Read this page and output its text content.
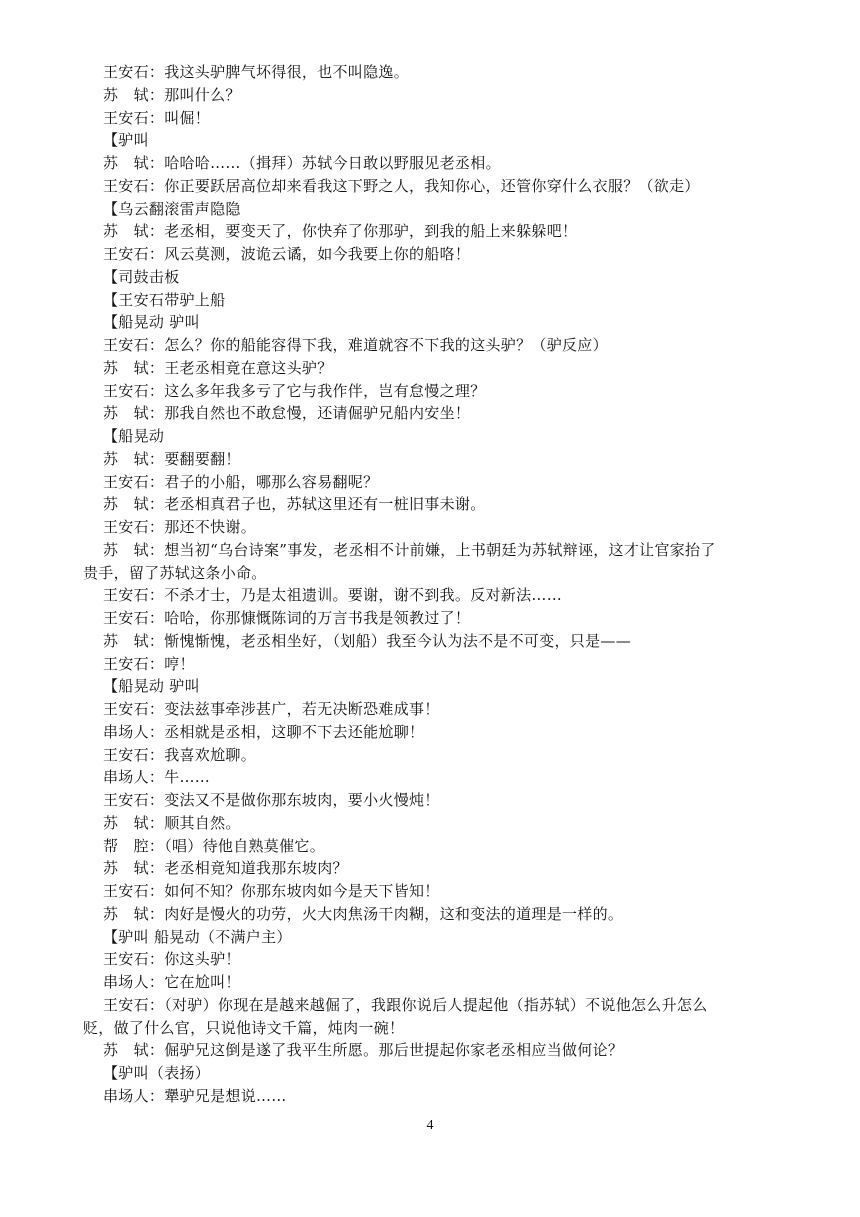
王安石：我这头驴脾气坏得很，也不叫隐逸。
苏　轼：那叫什么？
王安石：叫倔！
【驴叫
苏　轼：哈哈哈……（揖拜）苏轼今日敢以野服见老丞相。
王安石：你正要跃居高位却来看我这下野之人，我知你心，还管你穿什么衣服？（欲走）
【乌云翻滚雷声隐隐
苏　轼：老丞相，要变天了，你快弃了你那驴，到我的船上来躲躲吧！
王安石：风云莫测，波诡云谲，如今我要上你的船咯！
【司鼓击板
【王安石带驴上船
【船晃动 驴叫
王安石：怎么？你的船能容得下我，难道就容不下我的这头驴？（驴反应）
苏　轼：王老丞相竟在意这头驴？
王安石：这么多年我多亏了它与我作伴，岂有怠慢之理？
苏　轼：那我自然也不敢怠慢，还请倔驴兄船内安坐！
【船晃动
苏　轼：要翻要翻！
王安石：君子的小船，哪那么容易翻呢？
苏　轼：老丞相真君子也，苏轼这里还有一桩旧事未谢。
王安石：那还不快谢。
苏　轼：想当初“乌台诗案”事发，老丞相不计前嫌，上书朝廷为苏轼辩诬，这才让官家抬了
贵手，留了苏轼这条小命。
王安石：不杀才士，乃是太祖遗训。要谢，谢不到我。反对新法……
王安石：哈哈，你那慷慨陈词的万言书我是领教过了！
苏　轼：惭愧惭愧，老丞相坐好，（划船）我至今认为法不是不可变，只是——
王安石：哼！
【船晃动 驴叫
王安石：变法兹事牵涉甚广，若无决断恐难成事！
串场人：丞相就是丞相，这聊不下去还能尬聊！
王安石：我喜欢尬聊。
串场人：牛……
王安石：变法又不是做你那东坡肉，要小火慢炖！
苏　轼：顺其自然。
帮　腔：（唱）待他自熟莫催它。
苏　轼：老丞相竟知道我那东坡肉？
王安石：如何不知？你那东坡肉如今是天下皆知！
苏　轼：肉好是慢火的功劳，火大肉焦汤干肉糊，这和变法的道理是一样的。
【驴叫 船晃动（不满户主）
王安石：你这头驴！
串场人：它在尬叫！
王安石：（对驴）你现在是越来越倔了，我跟你说后人提起他（指苏轼）不说他怎么升怎么
贬，做了什么官，只说他诗文千篇，炖肉一碗！
苏　轼：倔驴兄这倒是遂了我平生所愿。那后世提起你家老丞相应当做何论？
【驴叫（表扬）
串场人：犟驴兄是想说……
4
